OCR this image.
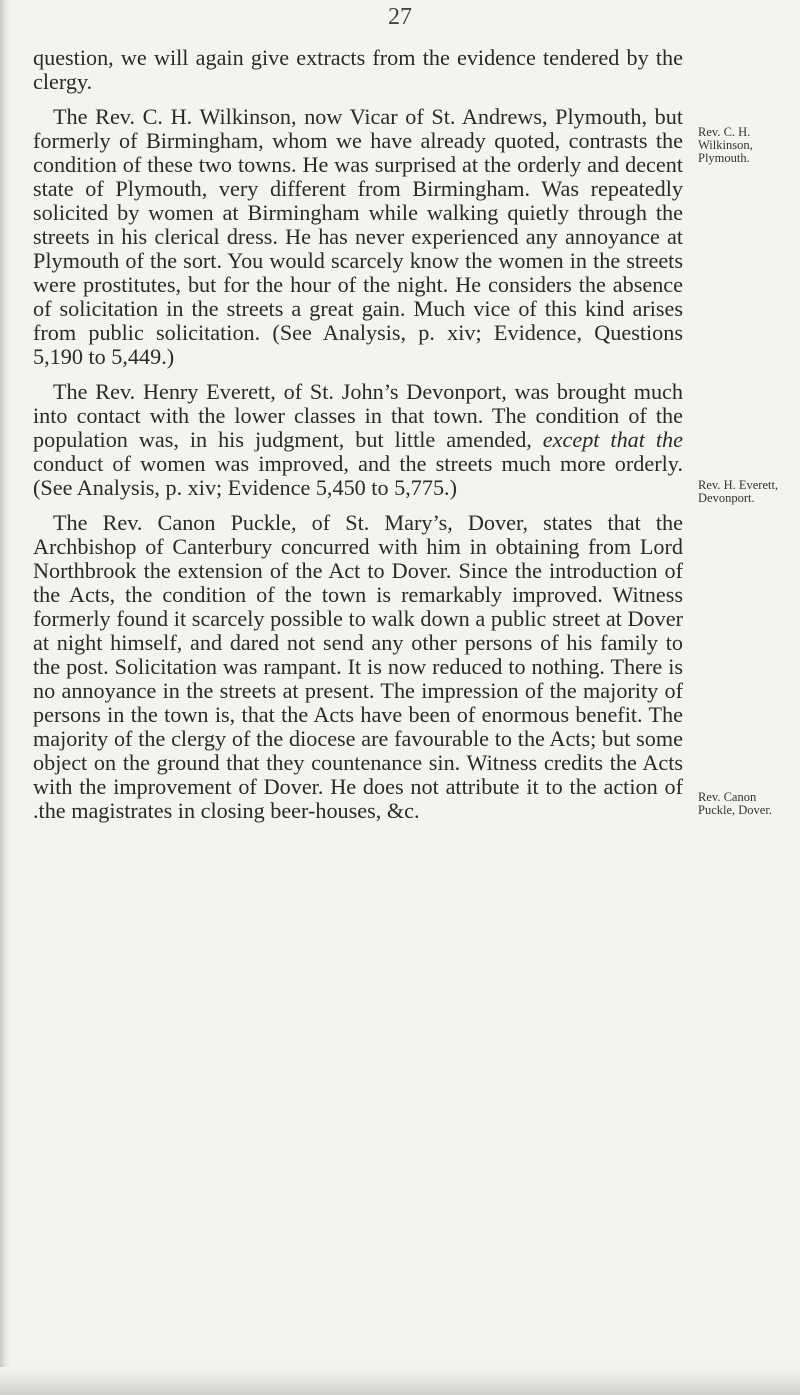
27

question, we will again give extracts from the evidence tendered by the clergy.

The Rev. C. H. Wilkinson, now Vicar of St. Andrews, Plymouth, but formerly of Birmingham, whom we have already quoted, contrasts the condition of these two towns. He was surprised at the orderly and decent state of Plymouth, very different from Birmingham. Was repeatedly solicited by women at Birmingham while walking quietly through the streets in his clerical dress. He has never experienced any annoyance at Plymouth of the sort. You would scarcely know the women in the streets were prostitutes, but for the hour of the night. He considers the absence of solicitation in the streets a great gain. Much vice of this kind arises from public solicitation. (See Analysis, p. xiv; Evidence, Questions 5,190 to 5,449.)

The Rev. Henry Everett, of St. John’s Devonport, was brought much into contact with the lower classes in that town. The condition of the population was, in his judgment, but little amended, except that the conduct of women was improved, and the streets much more orderly. (See Analysis, p. xiv; Evidence 5,450 to 5,775.)

The Rev. Canon Puckle, of St. Mary’s, Dover, states that the Archbishop of Canterbury concurred with him in obtaining from Lord Northbrook the extension of the Act to Dover. Since the introduction of the Acts, the condition of the town is remarkably improved. Witness formerly found it scarcely possible to walk down a public street at Dover at night himself, and dared not send any other persons of his family to the post. Solicitation was rampant. It is now reduced to nothing. There is no annoyance in the streets at present. The impression of the majority of persons in the town is, that the Acts have been of enormous benefit. The majority of the clergy of the diocese are favourable to the Acts; but some object on the ground that they countenance sin. Witness credits the Acts with the improvement of Dover. He does not attribute it to the action of .the magistrates in closing beer-houses, &c.

Rev. C. H.
Wilkinson,
Plymouth.
Rev. H. Everett,
Devonport.
Rev. Canon
Puckle, Dover.
